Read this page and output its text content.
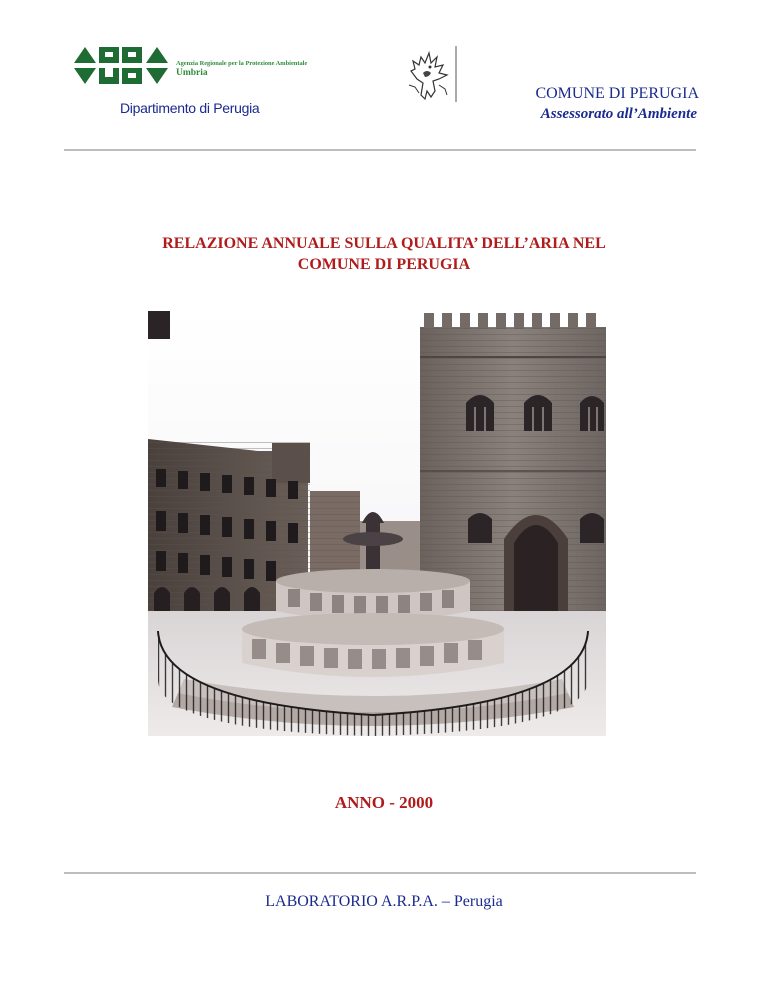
Agenzia Regionale per la Protezione Ambientale
Umbria
Dipartimento di Perugia
COMUNE DI PERUGIA
Assessorato all’Ambiente
RELAZIONE ANNUALE SULLA QUALITA’ DELL’ARIA NEL
COMUNE DI PERUGIA
ANNO - 2000
LABORATORIO A.R.P.A. – Perugia
